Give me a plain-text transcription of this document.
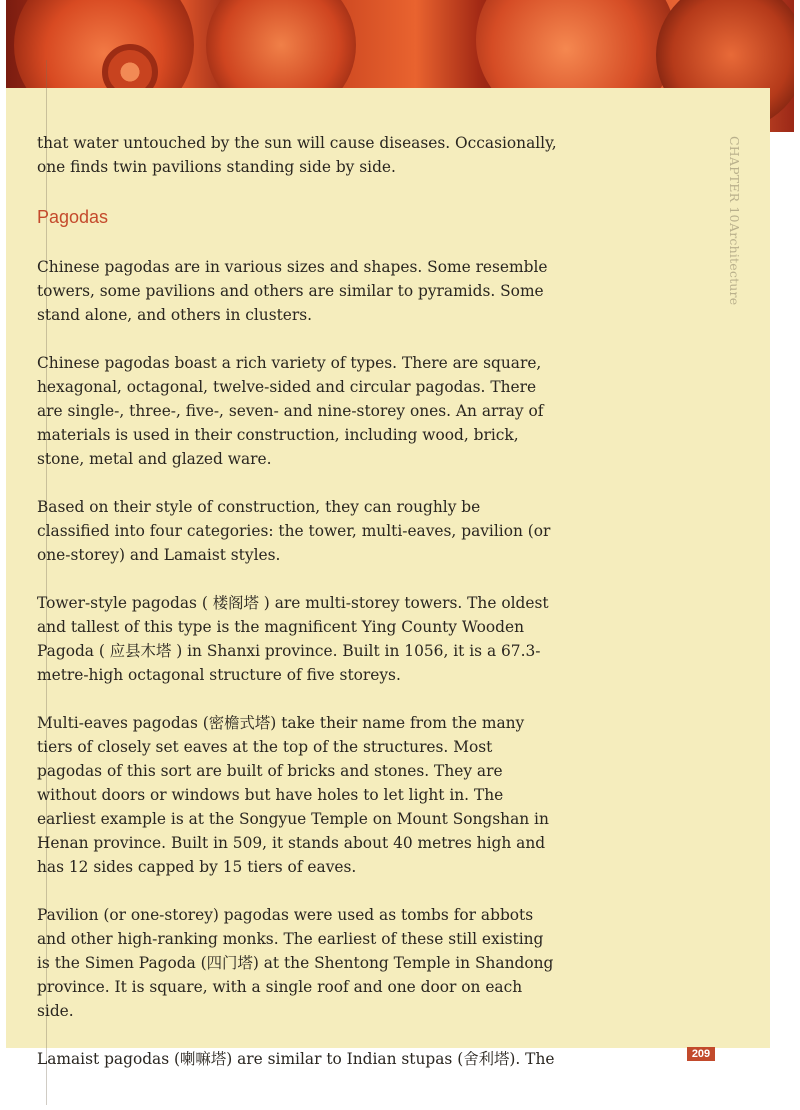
CHAPTER 10
Architecture

that water untouched by the sun will cause diseases. Occasionally, one finds twin pavilions standing side by side.

Pagodas

Chinese pagodas are in various sizes and shapes. Some resemble towers, some pavilions and others are similar to pyramids. Some stand alone, and others in clusters.

Chinese pagodas boast a rich variety of types. There are square, hexagonal, octagonal, twelve-sided and circular pagodas. There are single-, three-, five-, seven- and nine-storey ones. An array of materials is used in their construction, including wood, brick, stone, metal and glazed ware.

Based on their style of construction, they can roughly be classified into four categories: the tower, multi-eaves, pavilion (or one-storey) and Lamaist styles.

Tower-style pagodas ( 楼阁塔 ) are multi-storey towers. The oldest and tallest of this type is the magnificent Ying County Wooden Pagoda ( 应县木塔 ) in Shanxi province. Built in 1056, it is a 67.3-metre-high octagonal structure of five storeys.

Multi-eaves pagodas (密檐式塔) take their name from the many tiers of closely set eaves at the top of the structures. Most pagodas of this sort are built of bricks and stones. They are without doors or windows but have holes to let light in. The earliest example is at the Songyue Temple on Mount Songshan in Henan province. Built in 509, it stands about 40 metres high and has 12 sides capped by 15 tiers of eaves.

Pavilion (or one-storey) pagodas were used as tombs for abbots and other high-ranking monks. The earliest of these still existing is the Simen Pagoda (四门塔) at the Shentong Temple in Shandong province. It is square, with a single roof and one door on each side.

Lamaist pagodas (喇嘛塔) are similar to Indian stupas (舍利塔). The	209
